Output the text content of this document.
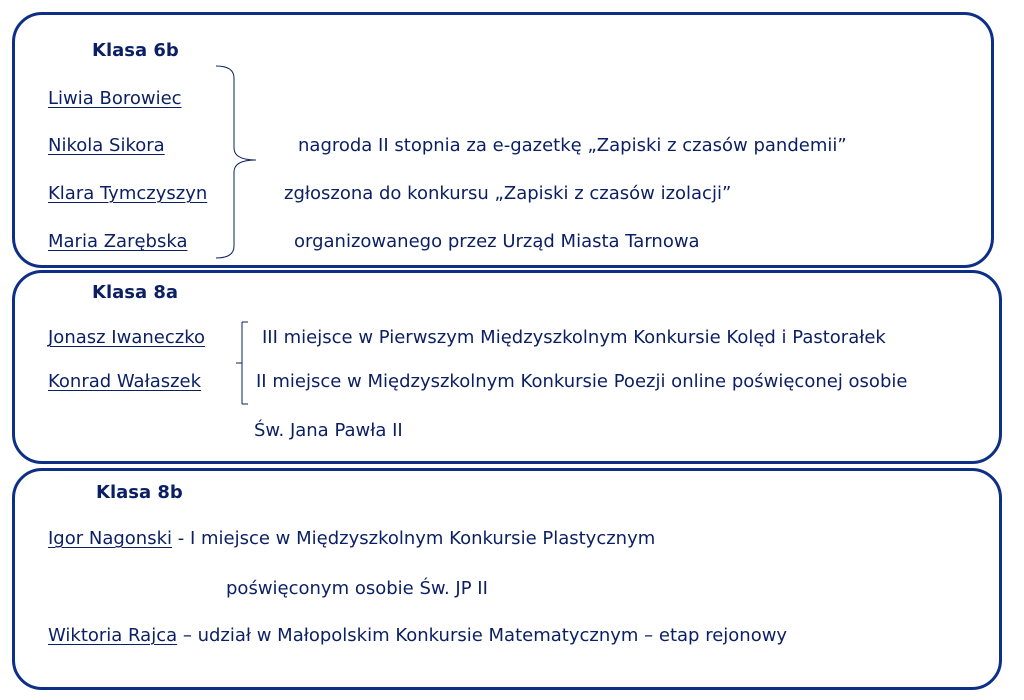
Klasa 6b
Liwia Borowiec
Nikola Sikora
Klara Tymczyszyn
Maria Zarębska
nagroda II stopnia za e-gazetkę „Zapiski z czasów pandemii”
zgłoszona do konkursu „Zapiski z czasów izolacji”
organizowanego przez Urząd Miasta Tarnowa
Klasa 8a
Jonasz Iwaneczko
Konrad Wałaszek
III miejsce w Pierwszym Międzyszkolnym Konkursie Kolęd i Pastorałek
II miejsce w Międzyszkolnym Konkursie Poezji online poświęconej osobie
Św. Jana Pawła II
Klasa 8b
Igor Nagonski - I miejsce w Międzyszkolnym Konkursie Plastycznym
poświęconym osobie Św. JP II
Wiktoria Rajca – udział w Małopolskim Konkursie Matematycznym – etap rejonowy
